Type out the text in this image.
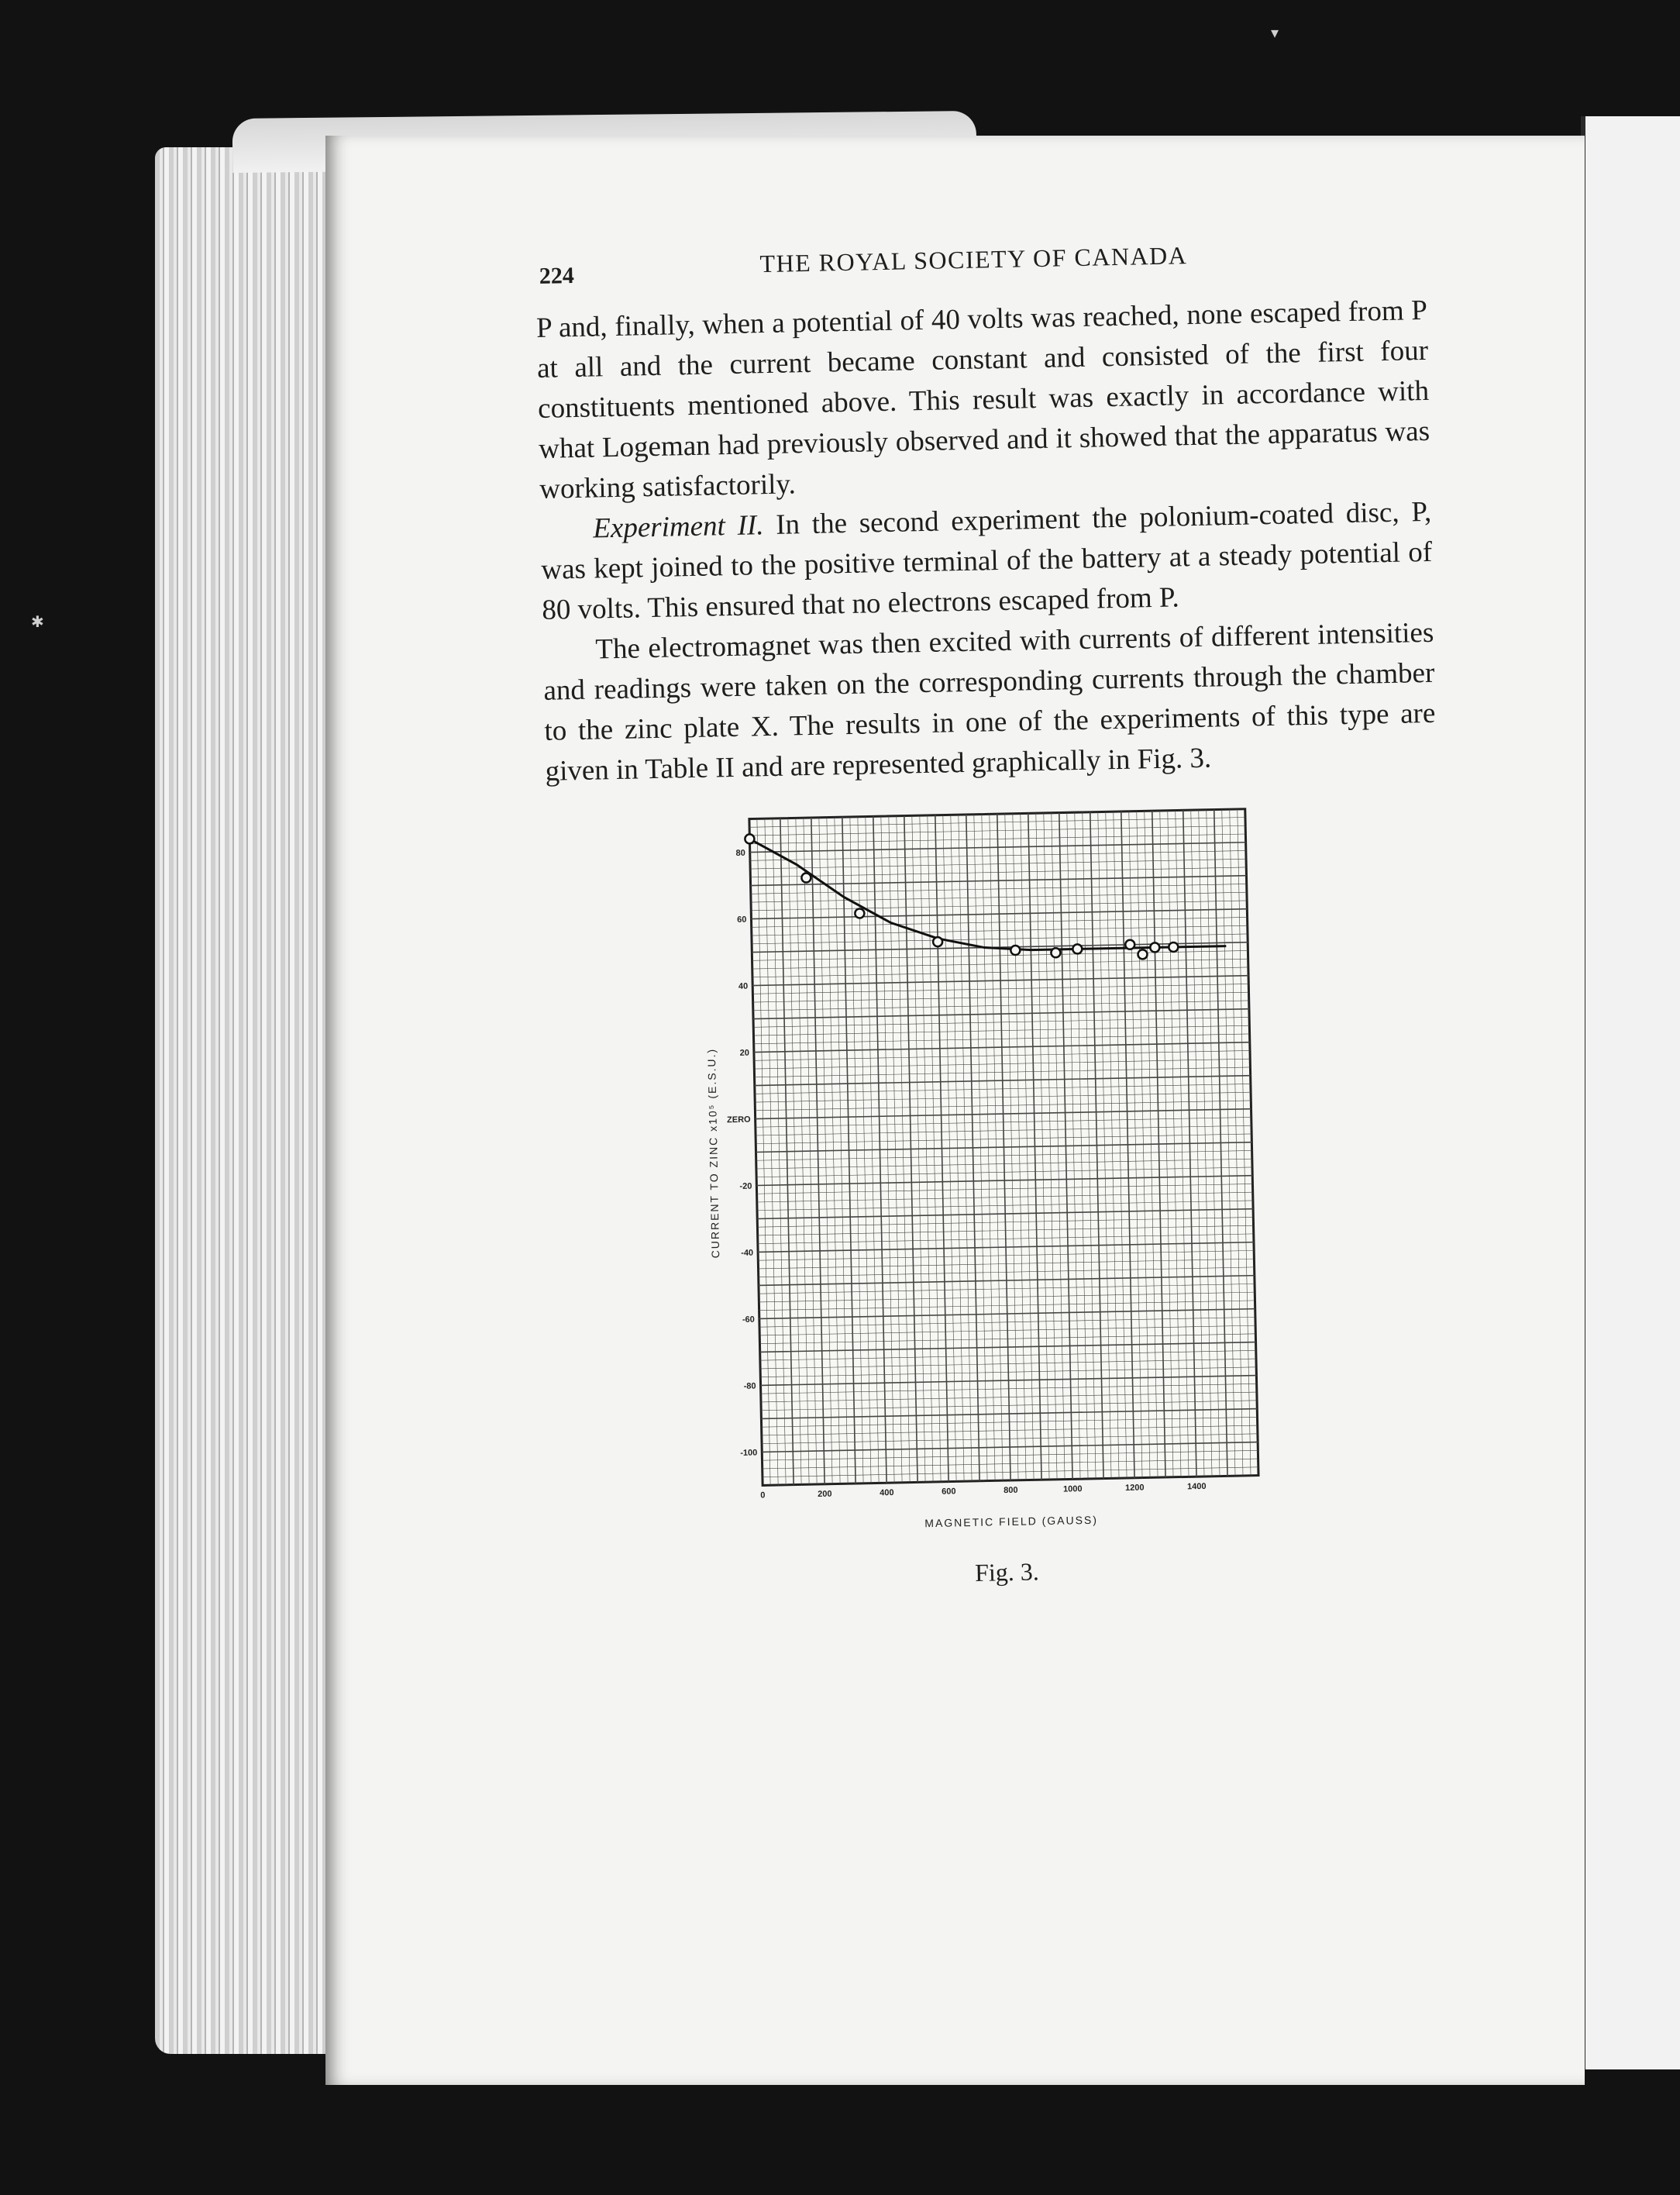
✱
▾
224	THE ROYAL SOCIETY OF CANADA

P and, finally, when a potential of 40 volts was reached, none escaped from P at all and the current became constant and consisted of the first four constituents mentioned above. This result was exactly in accordance with what Logeman had previously observed and it showed that the apparatus was working satisfactorily.

Experiment II. In the second experiment the polonium-coated disc, P, was kept joined to the positive terminal of the battery at a steady potential of 80 volts. This ensured that no electrons escaped from P.

The electromagnet was then excited with currents of different intensities and readings were taken on the corresponding currents through the chamber to the zinc plate X. The results in one of the experiments of this type are given in Table II and are represented graphically in Fig. 3.

80
60
40
20
ZERO
-20
-40
-60
-80
-100
0	200	400	600	800	1000	1200	1400
MAGNETIC FIELD (GAUSS)
CURRENT TO ZINC x10⁵ (E.S.U.)
Fig. 3.
